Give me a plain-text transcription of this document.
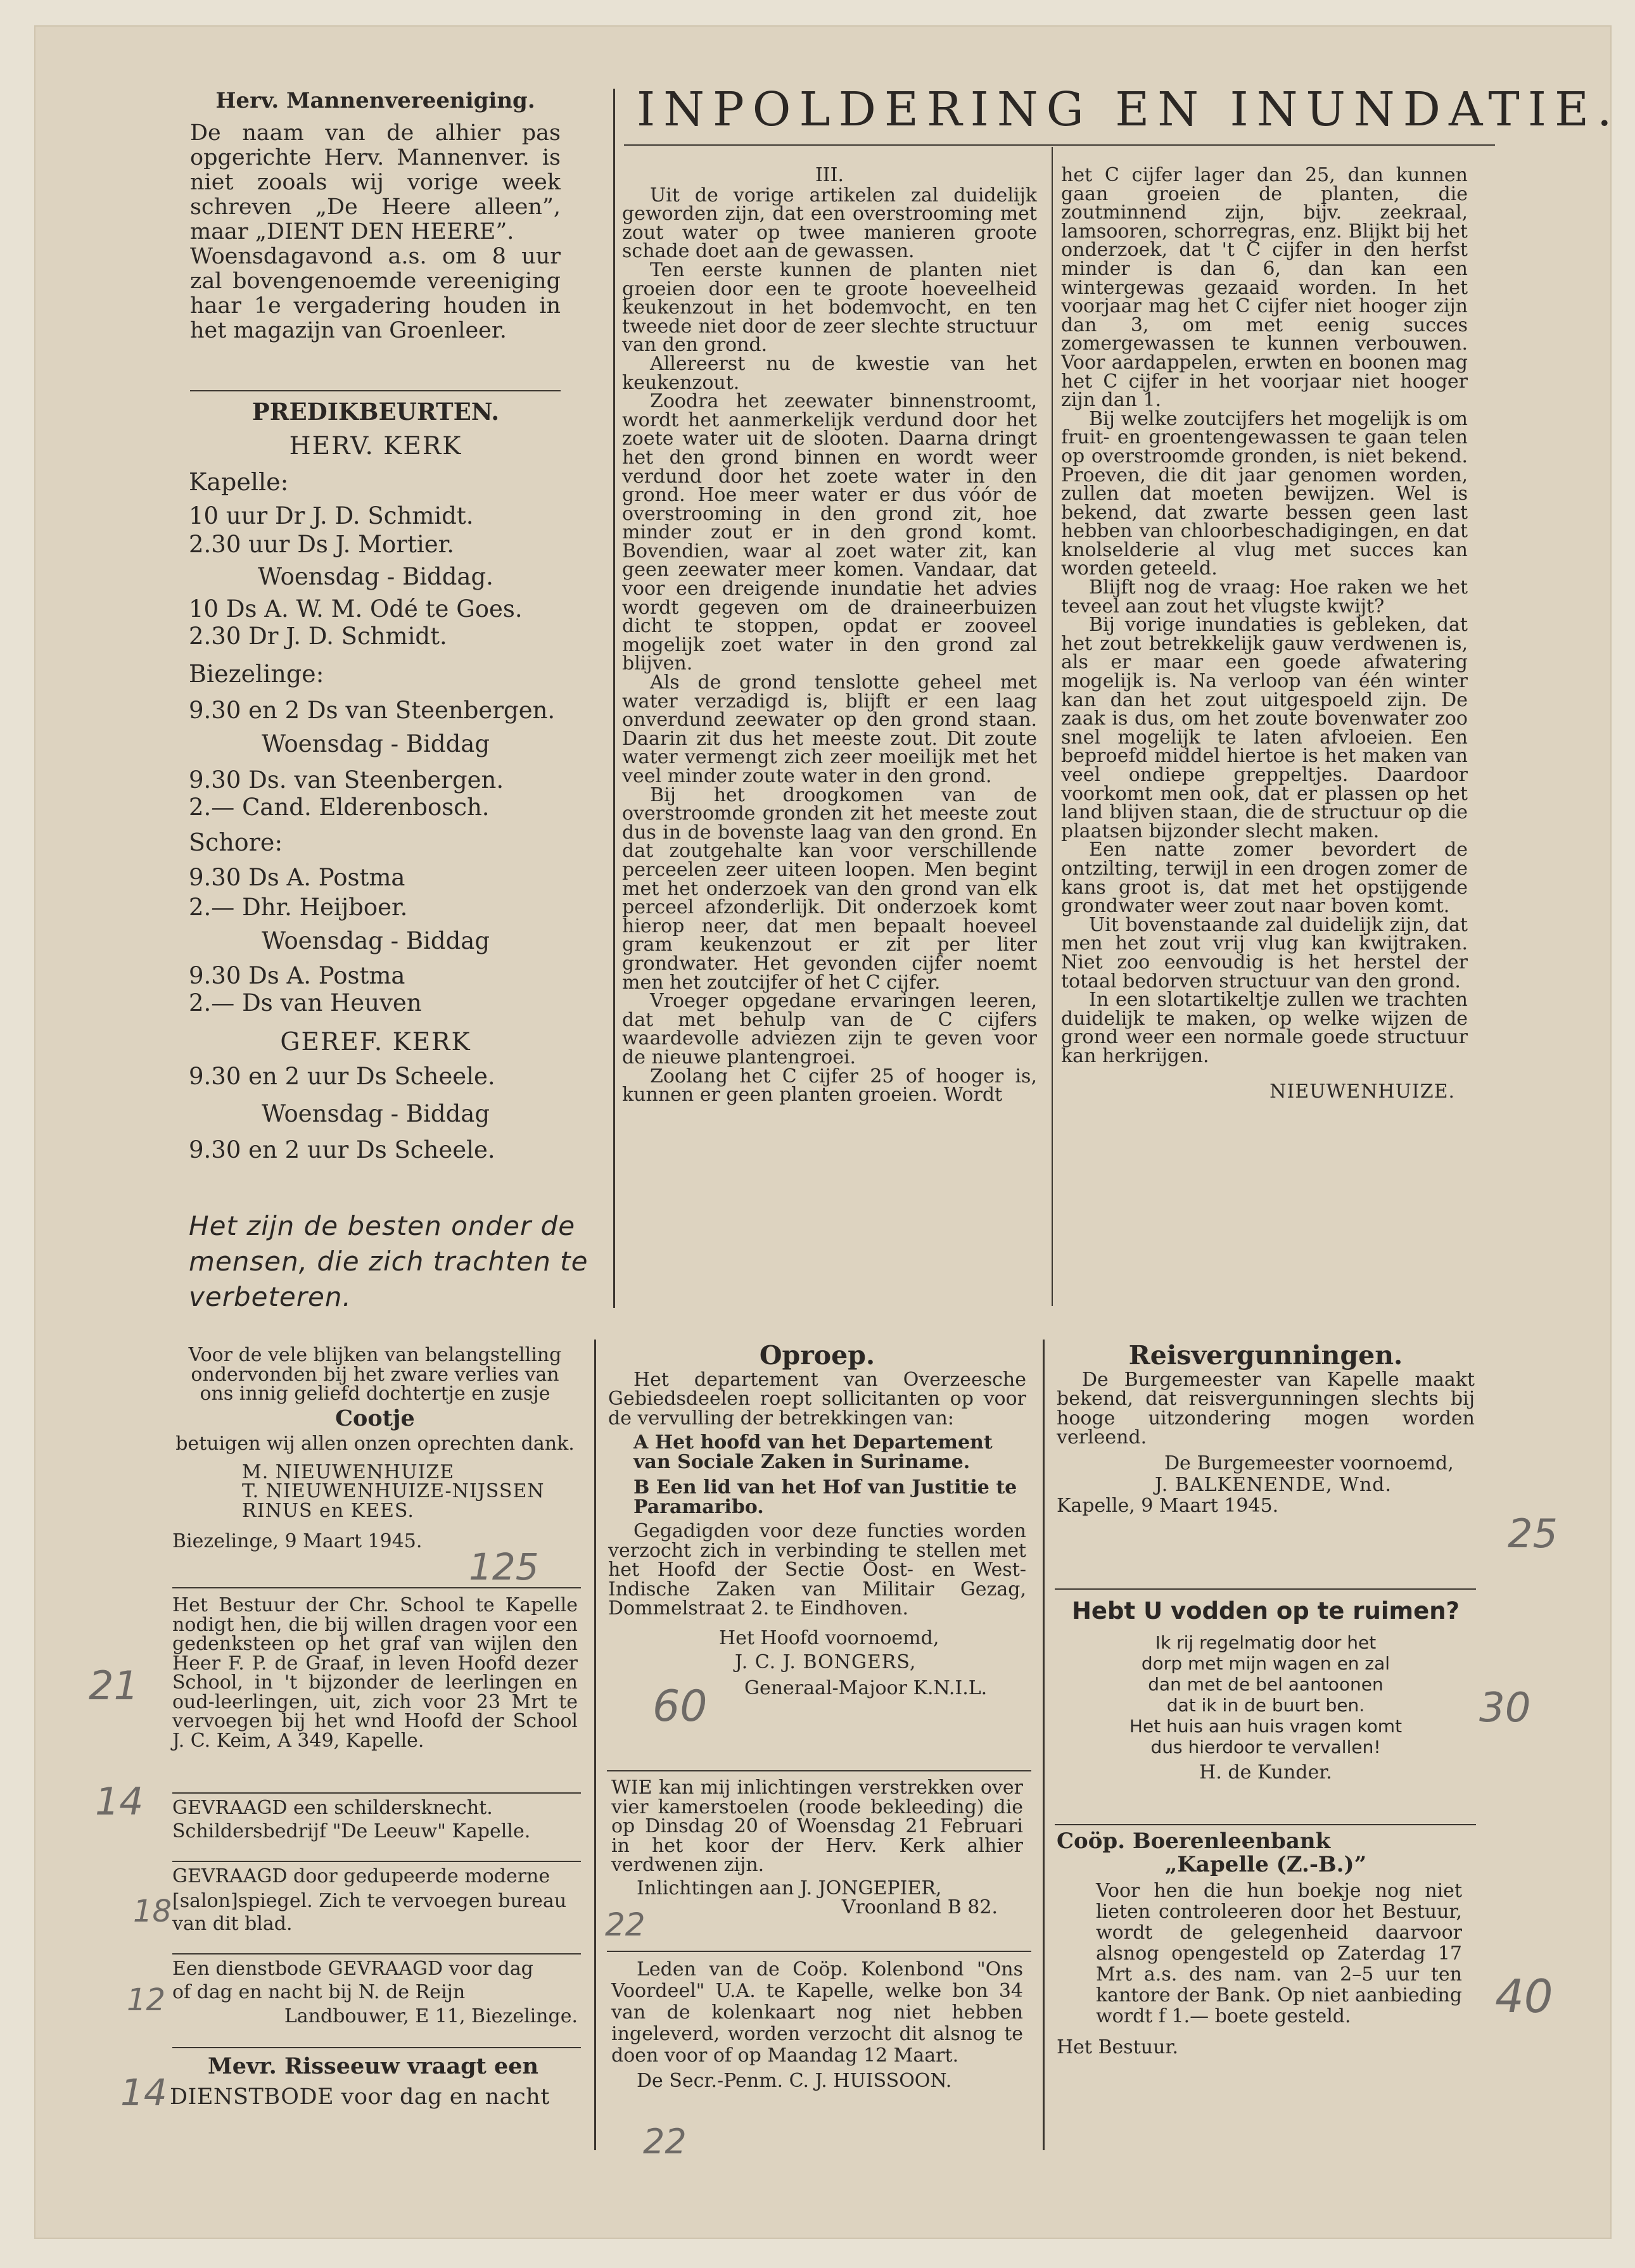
Herv. Mannenvereeniging.

De naam van de alhier pas opgerichte Herv. Mannenver. is niet zooals wij vorige week schreven „De Heere alleen”, maar „DIENT DEN HEERE”.

Woensdagavond a.s. om 8 uur zal bovengenoemde vereeniging haar 1e vergadering houden in het magazijn van Groenleer.

PREDIKBEURTEN.
HERV. KERK
Kapelle:
10 uur Dr J. D. Schmidt.
2.30 uur Ds J. Mortier.
Woensdag - Biddag.
10 Ds A. W. M. Odé te Goes.
2.30 Dr J. D. Schmidt.
Biezelinge:
9.30 en 2 Ds van Steenbergen.
Woensdag - Biddag
9.30 Ds. van Steenbergen.
2.— Cand. Elderenbosch.
Schore:
9.30 Ds A. Postma
2.— Dhr. Heijboer.
Woensdag - Biddag
9.30 Ds A. Postma
2.— Ds van Heuven
GEREF. KERK
9.30 en 2 uur Ds Scheele.
Woensdag - Biddag
9.30 en 2 uur Ds Scheele.
Het zijn de besten onder de
mensen, die zich trachten te
verbeteren.
INPOLDERING EN INUNDATIE.
III.

Uit de vorige artikelen zal duidelijk geworden zijn, dat een overstrooming met zout water op twee manieren groote schade doet aan de gewassen.

Ten eerste kunnen de planten niet groeien door een te groote hoeveelheid keukenzout in het bodemvocht, en ten tweede niet door de zeer slechte structuur van den grond.

Allereerst nu de kwestie van het keukenzout.

Zoodra het zeewater binnenstroomt, wordt het aanmerkelijk verdund door het zoete water uit de slooten. Daarna dringt het den grond binnen en wordt weer verdund door het zoete water in den grond. Hoe meer water er dus vóór de overstrooming in den grond zit, hoe minder zout er in den grond komt. Bovendien, waar al zoet water zit, kan geen zeewater meer komen. Vandaar, dat voor een dreigende inundatie het advies wordt gegeven om de draineerbuizen dicht te stoppen, opdat er zooveel mogelijk zoet water in den grond zal blijven.

Als de grond tenslotte geheel met water verzadigd is, blijft er een laag onverdund zeewater op den grond staan. Daarin zit dus het meeste zout. Dit zoute water vermengt zich zeer moeilijk met het veel minder zoute water in den grond.

Bij het droogkomen van de overstroomde gronden zit het meeste zout dus in de bovenste laag van den grond. En dat zoutgehalte kan voor verschillende perceelen zeer uiteen loopen. Men begint met het onderzoek van den grond van elk perceel afzonderlijk. Dit onderzoek komt hierop neer, dat men bepaalt hoeveel gram keukenzout er zit per liter grondwater. Het gevonden cijfer noemt men het zoutcijfer of het C cijfer.

Vroeger opgedane ervaringen leeren, dat met behulp van de C cijfers waardevolle adviezen zijn te geven voor de nieuwe plantengroei.

Zoolang het C cijfer 25 of hooger is, kunnen er geen planten groeien. Wordt

het C cijfer lager dan 25, dan kunnen gaan groeien de planten, die zoutminnend zijn, bijv. zeekraal, lamsooren, schorregras, enz. Blijkt bij het onderzoek, dat 't C cijfer in den herfst minder is dan 6, dan kan een wintergewas gezaaid worden. In het voorjaar mag het C cijfer niet hooger zijn dan 3, om met eenig succes zomergewassen te kunnen verbouwen. Voor aardappelen, erwten en boonen mag het C cijfer in het voorjaar niet hooger zijn dan 1.

Bij welke zoutcijfers het mogelijk is om fruit- en groentengewassen te gaan telen op overstroomde gronden, is niet bekend. Proeven, die dit jaar genomen worden, zullen dat moeten bewijzen. Wel is bekend, dat zwarte bessen geen last hebben van chloorbeschadigingen, en dat knolselderie al vlug met succes kan worden geteeld.

Blijft nog de vraag: Hoe raken we het teveel aan zout het vlugste kwijt?

Bij vorige inundaties is gebleken, dat het zout betrekkelijk gauw verdwenen is, als er maar een goede afwatering mogelijk is. Na verloop van één winter kan dan het zout uitgespoeld zijn. De zaak is dus, om het zoute bovenwater zoo snel mogelijk te laten afvloeien. Een beproefd middel hiertoe is het maken van veel ondiepe greppeltjes. Daardoor voorkomt men ook, dat er plassen op het land blijven staan, die de structuur op die plaatsen bijzonder slecht maken.

Een natte zomer bevordert de ontzilting, terwijl in een drogen zomer de kans groot is, dat met het opstijgende grondwater weer zout naar boven komt.

Uit bovenstaande zal duidelijk zijn, dat men het zout vrij vlug kan kwijtraken. Niet zoo eenvoudig is het herstel der totaal bedorven structuur van den grond.

In een slotartikeltje zullen we trachten duidelijk te maken, op welke wijzen de grond weer een normale goede structuur kan herkrijgen.

NIEUWENHUIZE.

Voor de vele blijken van belangstelling ondervonden bij het zware verlies van ons innig geliefd dochtertje en zusje

Cootje

betuigen wij allen onzen oprechten dank.

M. NIEUWENHUIZE

T. NIEUWENHUIZE-NIJSSEN

RINUS en KEES.

Biezelinge, 9 Maart 1945.

Het Bestuur der Chr. School te Kapelle nodigt hen, die bij willen dragen voor een gedenksteen op het graf van wijlen den Heer F. P. de Graaf, in leven Hoofd dezer School, in 't bijzonder de leerlingen en oud-leerlingen, uit, zich voor 23 Mrt te vervoegen bij het wnd Hoofd der School J. C. Keim, A 349, Kapelle.

GEVRAAGD een schildersknecht.

Schildersbedrijf "De Leeuw" Kapelle.

GEVRAAGD door gedupeerde moderne

[salon]spiegel. Zich te vervoegen bureau

van dit blad.

Een dienstbode GEVRAAGD voor dag

of dag en nacht bij N. de Reijn

Landbouwer, E 11, Biezelinge.

Mevr. Risseeuw vraagt een
DIENSTBODE voor dag en nacht

Oproep.

Het departement van Overzeesche Gebiedsdeelen roept sollicitanten op voor de vervulling der betrekkingen van:

A Het hoofd van het Departement van Sociale Zaken in Suriname.

B Een lid van het Hof van Justitie te Paramaribo.

Gegadigden voor deze functies worden verzocht zich in verbinding te stellen met het Hoofd der Sectie Oost- en West-Indische Zaken van Militair Gezag, Dommelstraat 2. te Eindhoven.

Het Hoofd voornoemd,

J. C. J. BONGERS,

Generaal-Majoor K.N.I.L.

WIE kan mij inlichtingen verstrekken over vier kamerstoelen (roode bekleeding) die op Dinsdag 20 of Woensdag 21 Februari in het koor der Herv. Kerk alhier verdwenen zijn.

Inlichtingen aan J. JONGEPIER,

Vroonland B 82.

Leden van de Coöp. Kolenbond "Ons Voordeel" U.A. te Kapelle, welke bon 34 van de kolenkaart nog niet hebben ingeleverd, worden verzocht dit alsnog te doen voor of op Maandag 12 Maart.

De Secr.-Penm. C. J. HUISSOON.

Reisvergunningen.

De Burgemeester van Kapelle maakt bekend, dat reisvergunningen slechts bij hooge uitzondering mogen worden verleend.

De Burgemeester voornoemd,

J. BALKENENDE, Wnd.

Kapelle, 9 Maart 1945.

Hebt U vodden op te ruimen?
Ik rij regelmatig door het
dorp met mijn wagen en zal
dan met de bel aantoonen
dat ik in de buurt ben.
Het huis aan huis vragen komt
dus hierdoor te vervallen!
H. de Kunder.

Coöp. Boerenleenbank

„Kapelle (Z.-B.)”

Voor hen die hun boekje nog niet lieten controleeren door het Bestuur, wordt de gelegenheid daarvoor alsnog opengesteld op Zaterdag 17 Mrt a.s. des nam. van 2–5 uur ten kantore der Bank. Op niet aanbieding wordt f 1.— boete gesteld.

Het Bestuur.

125
25
21	60	30
14
18
12
22
40
14
22
